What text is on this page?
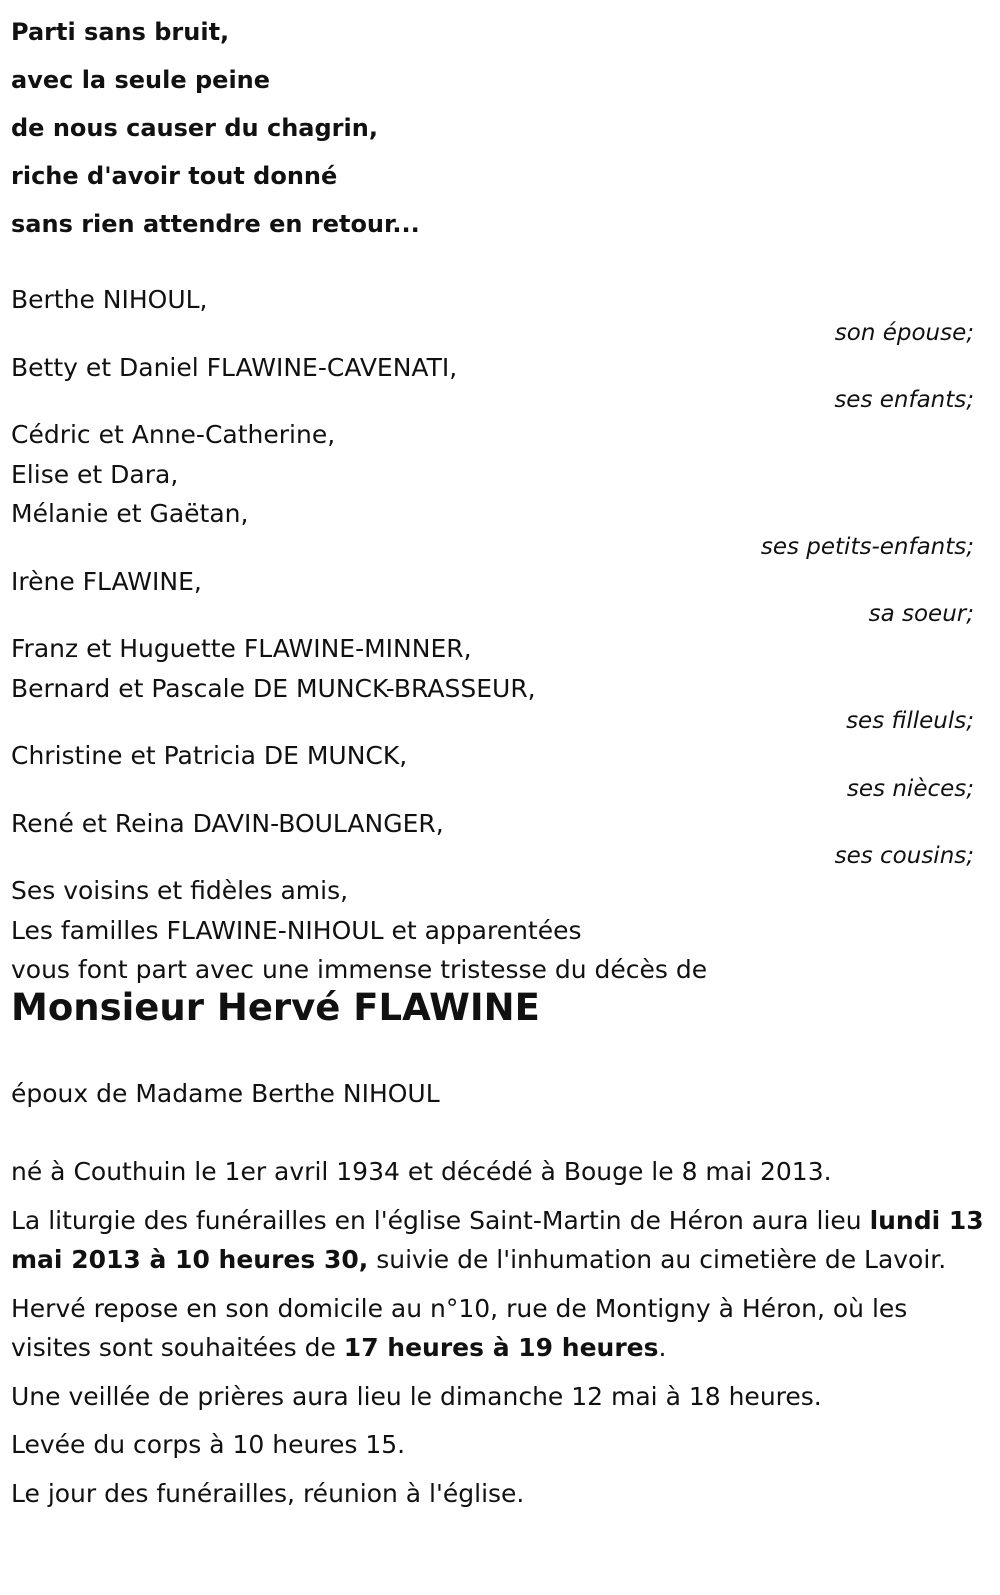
Parti sans bruit,
avec la seule peine
de nous causer du chagrin,
riche d'avoir tout donné
sans rien attendre en retour...
Berthe NIHOUL,
son épouse;
Betty et Daniel FLAWINE-CAVENATI,
ses enfants;
Cédric et Anne-Catherine,
Elise et Dara,
Mélanie et Gaëtan,
ses petits-enfants;
Irène FLAWINE,
sa soeur;
Franz et Huguette FLAWINE-MINNER,
Bernard et Pascale DE MUNCK-BRASSEUR,
ses filleuls;
Christine et Patricia DE MUNCK,
ses nièces;
René et Reina DAVIN-BOULANGER,
ses cousins;
Ses voisins et fidèles amis,
Les familles FLAWINE-NIHOUL et apparentées
vous font part avec une immense tristesse du décès de
Monsieur Hervé FLAWINE
époux de Madame Berthe NIHOUL

né à Couthuin le 1er avril 1934 et décédé à Bouge le 8 mai 2013.

La liturgie des funérailles en l'église Saint-Martin de Héron aura lieu lundi 13 mai 2013 à 10 heures 30, suivie de l'inhumation au cimetière de Lavoir.

Hervé repose en son domicile au n°10, rue de Montigny à Héron, où les visites sont souhaitées de 17 heures à 19 heures.

Une veillée de prières aura lieu le dimanche 12 mai à 18 heures.

Levée du corps à 10 heures 15.

Le jour des funérailles, réunion à l'église.
